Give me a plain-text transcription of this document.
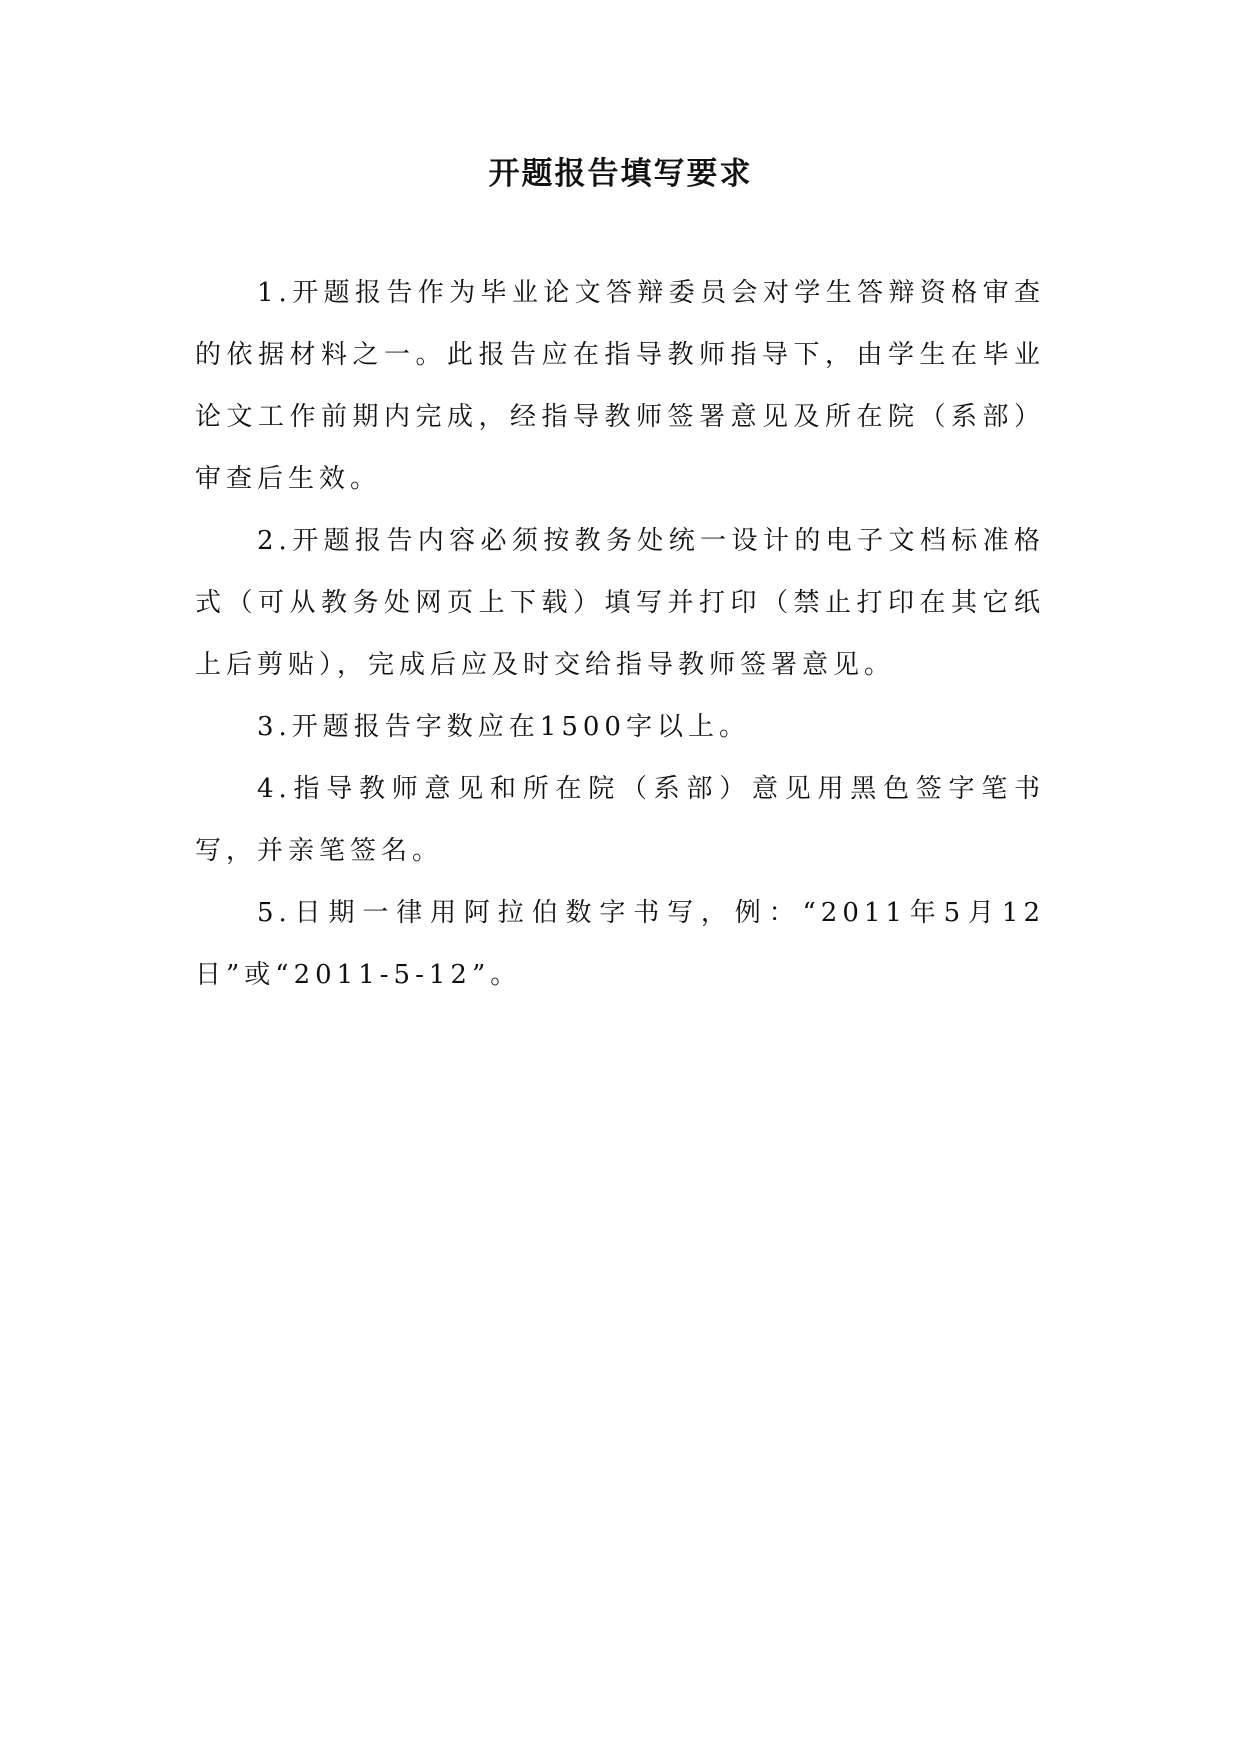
开题报告填写要求

1.开题报告作为毕业论文答辩委员会对学生答辩资格审查的依据材料之一。此报告应在指导教师指导下，由学生在毕业论文工作前期内完成，经指导教师签署意见及所在院（系部）审查后生效。

2.开题报告内容必须按教务处统一设计的电子文档标准格式（可从教务处网页上下载）填写并打印（禁止打印在其它纸上后剪贴），完成后应及时交给指导教师签署意见。

3.开题报告字数应在1500字以上。

4.指导教师意见和所在院（系部）意见用黑色签字笔书写，并亲笔签名。

5.日期一律用阿拉伯数字书写，例：“2011年5月12日”或“2011-5-12”。
